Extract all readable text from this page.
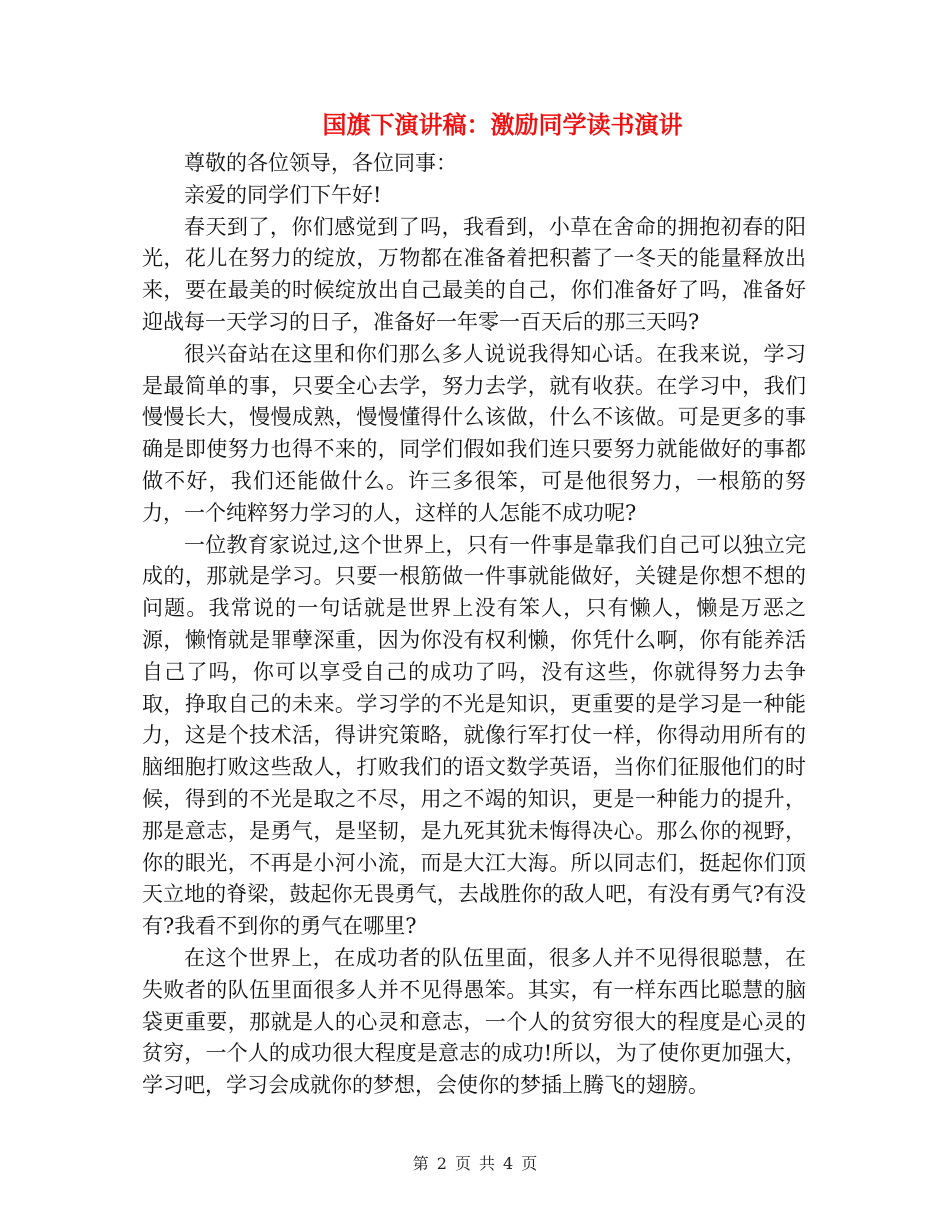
国旗下演讲稿：激励同学读书演讲

尊敬的各位领导，各位同事：

亲爱的同学们下午好!

春天到了，你们感觉到了吗，我看到，小草在舍命的拥抱初春的阳光，花儿在努力的绽放，万物都在准备着把积蓄了一冬天的能量释放出来，要在最美的时候绽放出自己最美的自己，你们准备好了吗，准备好迎战每一天学习的日子，准备好一年零一百天后的那三天吗?

很兴奋站在这里和你们那么多人说说我得知心话。在我来说，学习是最简单的事，只要全心去学，努力去学，就有收获。在学习中，我们慢慢长大，慢慢成熟，慢慢懂得什么该做，什么不该做。可是更多的事确是即使努力也得不来的，同学们假如我们连只要努力就能做好的事都做不好，我们还能做什么。许三多很笨，可是他很努力，一根筋的努力，一个纯粹努力学习的人，这样的人怎能不成功呢?

一位教育家说过,这个世界上，只有一件事是靠我们自己可以独立完成的，那就是学习。只要一根筋做一件事就能做好，关键是你想不想的问题。我常说的一句话就是世界上没有笨人，只有懒人，懒是万恶之源，懒惰就是罪孽深重，因为你没有权利懒，你凭什么啊，你有能养活自己了吗，你可以享受自己的成功了吗，没有这些，你就得努力去争取，挣取自己的未来。学习学的不光是知识，更重要的是学习是一种能力，这是个技术活，得讲究策略，就像行军打仗一样，你得动用所有的脑细胞打败这些敌人，打败我们的语文数学英语，当你们征服他们的时候，得到的不光是取之不尽，用之不竭的知识，更是一种能力的提升，那是意志，是勇气，是坚韧，是九死其犹未悔得决心。那么你的视野，你的眼光，不再是小河小流，而是大江大海。所以同志们，挺起你们顶天立地的脊梁，鼓起你无畏勇气，去战胜你的敌人吧，有没有勇气?有没有?我看不到你的勇气在哪里?

在这个世界上，在成功者的队伍里面，很多人并不见得很聪慧，在失败者的队伍里面很多人并不见得愚笨。其实，有一样东西比聪慧的脑袋更重要，那就是人的心灵和意志，一个人的贫穷很大的程度是心灵的贫穷，一个人的成功很大程度是意志的成功!所以，为了使你更加强大，学习吧，学习会成就你的梦想，会使你的梦插上腾飞的翅膀。

第 2 页 共 4 页
